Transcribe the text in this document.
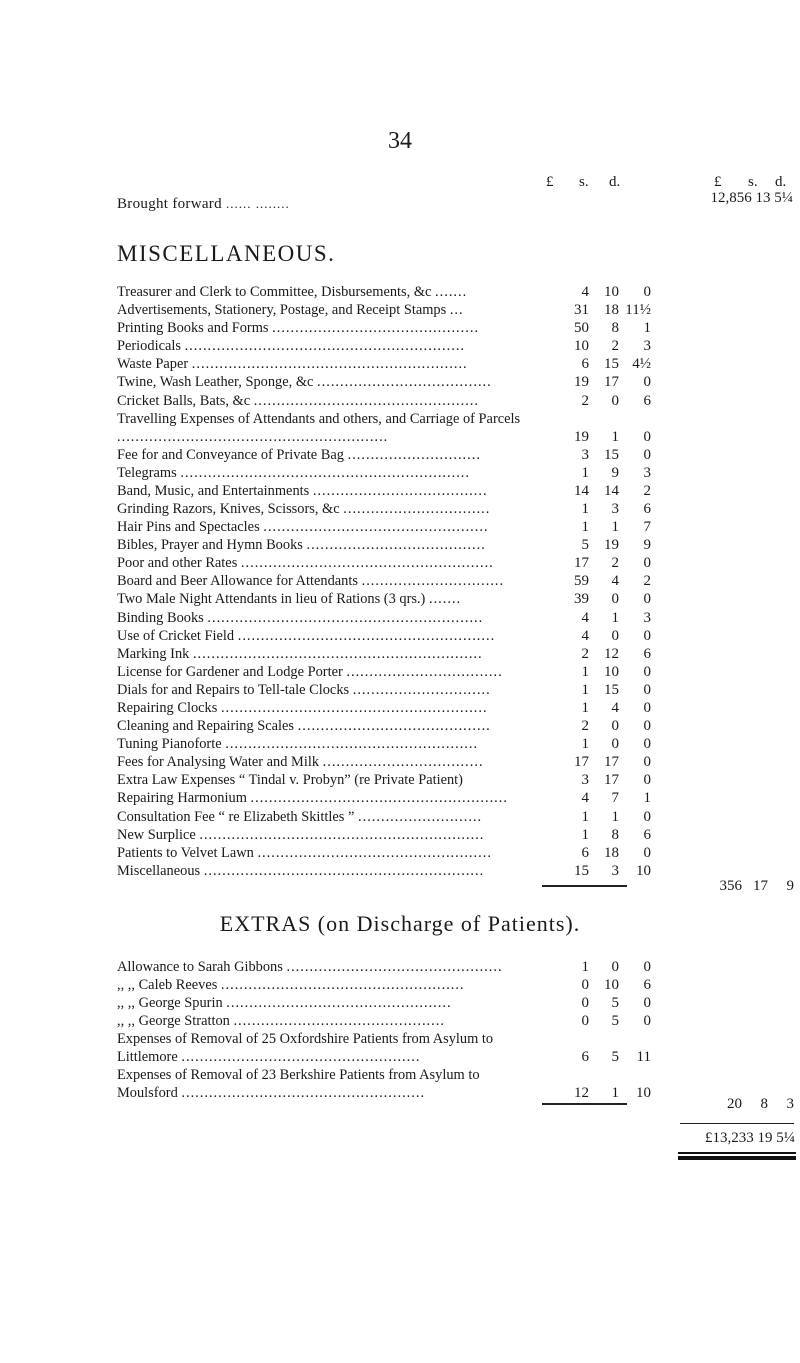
34
£ s. d.	£ s. d.
Brought forward ...... ........	12,856 13 5¼
MISCELLANEOUS.
Treasurer and Clerk to Committee, Disbursements, &c .......	4	10	0
Advertisements, Stationery, Postage, and Receipt Stamps ...	31	18 11½
Printing Books and Forms .............................................	50	8	1
Periodicals .............................................................	10	2	3
Waste Paper ............................................................	6	15 4½
Twine, Wash Leather, Sponge, &c ......................................	19	17	0
Cricket Balls, Bats, &c .................................................	2	0	6
Travelling Expenses of Attendants and others, and Carriage of Parcels ...........................................................	19	1	0
Fee for and Conveyance of Private Bag .............................	3	15	0
Telegrams ...............................................................	1	9	3
Band, Music, and Entertainments ......................................	14	14	2
Grinding Razors, Knives, Scissors, &c ................................	1	3	6
Hair Pins and Spectacles .................................................	1	1	7
Bibles, Prayer and Hymn Books .......................................	5	19	9
Poor and other Rates .......................................................	17	2	0
Board and Beer Allowance for Attendants ...............................	59	4	2
Two Male Night Attendants in lieu of Rations (3 qrs.) .......	39	0	0
Binding Books ............................................................	4	1	3
Use of Cricket Field ........................................................	4	0	0
Marking Ink ...............................................................	2	12	6
License for Gardener and Lodge Porter ..................................	1	10	0
Dials for and Repairs to Tell-tale Clocks ..............................	1	15	0
Repairing Clocks ..........................................................	1	4	0
Cleaning and Repairing Scales ..........................................	2	0	0
Tuning Pianoforte .......................................................	1	0	0
Fees for Analysing Water and Milk ...................................	17	17	0
Extra Law Expenses “ Tindal v. Probyn” (re Private Patient)	3	17	0
Repairing Harmonium ........................................................	4	7	1
Consultation Fee “ re Elizabeth Skittles ” ...........................	1	1	0
New Surplice ..............................................................	1	8	6
Patients to Velvet Lawn ...................................................	6	18	0
Miscellaneous .............................................................	15	3	10
356 17	9
EXTRAS (on Discharge of Patients).
Allowance to Sarah Gibbons ...............................................	1	0	0
,, ,, Caleb Reeves .....................................................	0	10	6
,, ,, George Spurin .................................................	0	5	0
,, ,, George Stratton ..............................................	0	5	0
Expenses of Removal of 25 Oxfordshire Patients from Asylum to Littlemore ....................................................	6	5	11
Expenses of Removal of 23 Berkshire Patients from Asylum to Moulsford .....................................................	12	1	10
20	8	3
£13,233 19 5¼
